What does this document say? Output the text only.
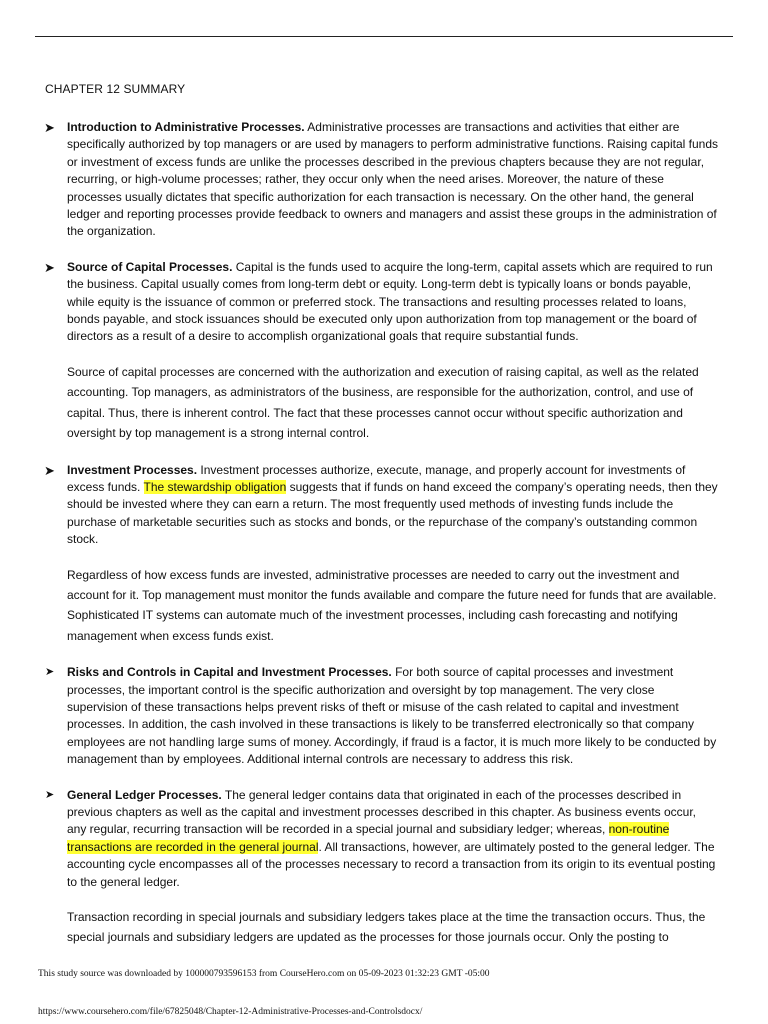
CHAPTER 12 SUMMARY
➤ Introduction to Administrative Processes. Administrative processes are transactions and activities that either are specifically authorized by top managers or are used by managers to perform administrative functions. Raising capital funds or investment of excess funds are unlike the processes described in the previous chapters because they are not regular, recurring, or high-volume processes; rather, they occur only when the need arises. Moreover, the nature of these processes usually dictates that specific authorization for each transaction is necessary. On the other hand, the general ledger and reporting processes provide feedback to owners and managers and assist these groups in the administration of the organization.
➤ Source of Capital Processes. Capital is the funds used to acquire the long-term, capital assets which are required to run the business. Capital usually comes from long-term debt or equity. Long-term debt is typically loans or bonds payable, while equity is the issuance of common or preferred stock. The transactions and resulting processes related to loans, bonds payable, and stock issuances should be executed only upon authorization from top management or the board of directors as a result of a desire to accomplish organizational goals that require substantial funds.
Source of capital processes are concerned with the authorization and execution of raising capital, as well as the related accounting. Top managers, as administrators of the business, are responsible for the authorization, control, and use of capital. Thus, there is inherent control. The fact that these processes cannot occur without specific authorization and oversight by top management is a strong internal control.
➤ Investment Processes. Investment processes authorize, execute, manage, and properly account for investments of excess funds. The stewardship obligation suggests that if funds on hand exceed the company’s operating needs, then they should be invested where they can earn a return. The most frequently used methods of investing funds include the purchase of marketable securities such as stocks and bonds, or the repurchase of the company’s outstanding common stock.
Regardless of how excess funds are invested, administrative processes are needed to carry out the investment and account for it. Top management must monitor the funds available and compare the future need for funds that are available. Sophisticated IT systems can automate much of the investment processes, including cash forecasting and notifying management when excess funds exist.
➤ Risks and Controls in Capital and Investment Processes. For both source of capital processes and investment processes, the important control is the specific authorization and oversight by top management. The very close supervision of these transactions helps prevent risks of theft or misuse of the cash related to capital and investment processes. In addition, the cash involved in these transactions is likely to be transferred electronically so that company employees are not handling large sums of money. Accordingly, if fraud is a factor, it is much more likely to be conducted by management than by employees. Additional internal controls are necessary to address this risk.
➤ General Ledger Processes. The general ledger contains data that originated in each of the processes described in previous chapters as well as the capital and investment processes described in this chapter. As business events occur, any regular, recurring transaction will be recorded in a special journal and subsidiary ledger; whereas, non-routine transactions are recorded in the general journal. All transactions, however, are ultimately posted to the general ledger. The accounting cycle encompasses all of the processes necessary to record a transaction from its origin to its eventual posting to the general ledger.
Transaction recording in special journals and subsidiary ledgers takes place at the time the transaction occurs. Thus, the special journals and subsidiary ledgers are updated as the processes for those journals occur. Only the posting to
This study source was downloaded by 100000793596153 from CourseHero.com on 05-09-2023 01:32:23 GMT -05:00
https://www.coursehero.com/file/67825048/Chapter-12-Administrative-Processes-and-Controlsdocx/
